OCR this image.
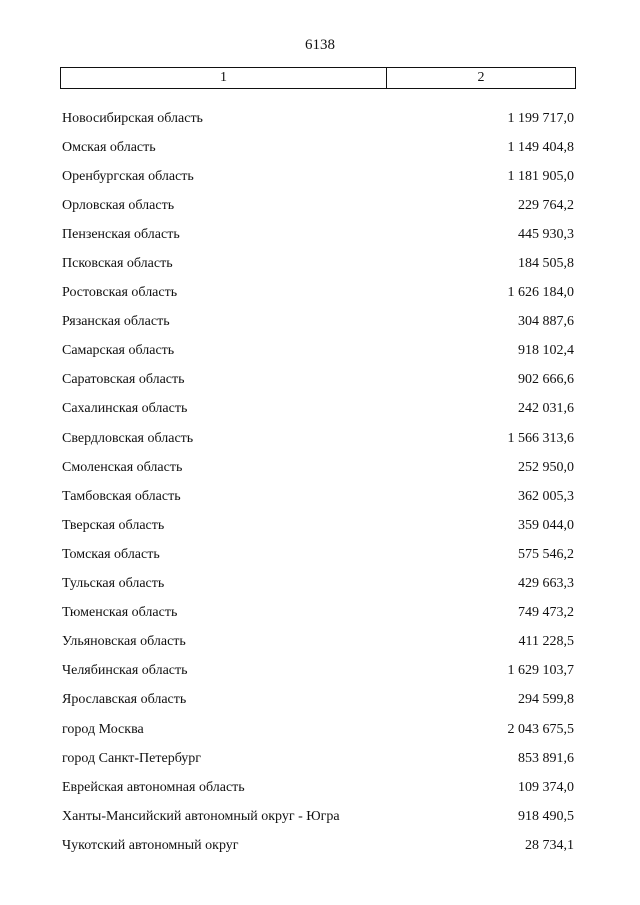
6138
1	2
Новосибирская область	1 199 717,0
Омская область	1 149 404,8
Оренбургская область	1 181 905,0
Орловская область	229 764,2
Пензенская область	445 930,3
Псковская область	184 505,8
Ростовская область	1 626 184,0
Рязанская область	304 887,6
Самарская область	918 102,4
Саратовская область	902 666,6
Сахалинская область	242 031,6
Свердловская область	1 566 313,6
Смоленская область	252 950,0
Тамбовская область	362 005,3
Тверская область	359 044,0
Томская область	575 546,2
Тульская область	429 663,3
Тюменская область	749 473,2
Ульяновская область	411 228,5
Челябинская область	1 629 103,7
Ярославская область	294 599,8
город Москва	2 043 675,5
город Санкт-Петербург	853 891,6
Еврейская автономная область	109 374,0
Ханты-Мансийский автономный округ - Югра	918 490,5
Чукотский автономный округ	28 734,1
